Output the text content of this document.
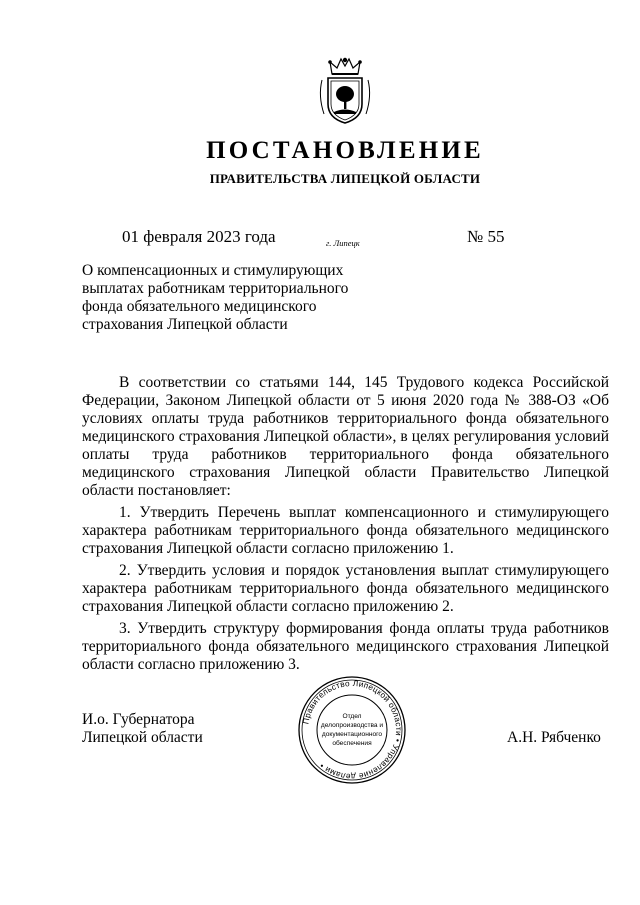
ПОСТАНОВЛЕНИЕ
ПРАВИТЕЛЬСТВА ЛИПЕЦКОЙ ОБЛАСТИ
01 февраля 2023 года	г. Липецк	№ 55
О компенсационных и стимулирующих
выплатах работникам территориального
фонда обязательного медицинского
страхования Липецкой области

В соответствии со статьями 144, 145 Трудового кодекса Российской Федерации, Законом Липецкой области от 5 июня 2020 года № 388-ОЗ «Об условиях оплаты труда работников территориального фонда обязательного медицинского страхования Липецкой области», в целях регулирования условий оплаты труда работников территориального фонда обязательного медицинского страхования Липецкой области Правительство Липецкой области постановляет:

1. Утвердить Перечень выплат компенсационного и стимулирующего характера работникам территориального фонда обязательного медицинского страхования Липецкой области согласно приложению 1.

2. Утвердить условия и порядок установления выплат стимулирующего характера работникам территориального фонда обязательного медицинского страхования Липецкой области согласно приложению 2.

3. Утвердить структуру формирования фонда оплаты труда работников территориального фонда обязательного медицинского страхования Липецкой области согласно приложению 3.

И.о. Губернатора
Липецкой области	А.Н. Рябченко
Правительство Липецкой области • Управление делами •
Отдел
делопроизводства и
документационного
обеспечения
